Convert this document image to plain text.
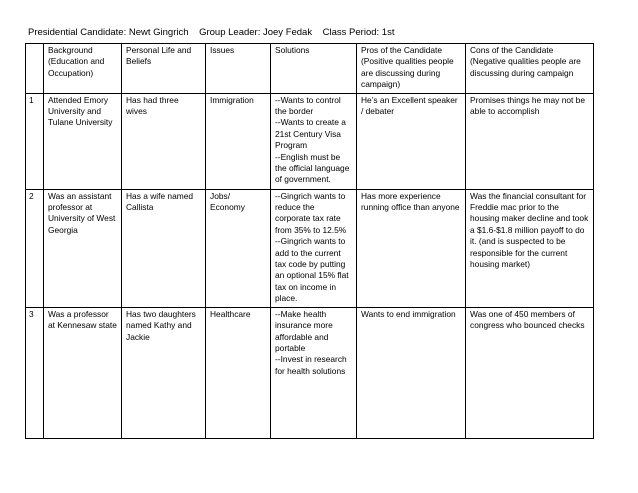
Presidential Candidate: Newt Gingrich    Group Leader: Joey Fedak    Class Period: 1st
	Background (Education and Occupation)	Personal Life and Beliefs	Issues	Solutions	Pros of the Candidate (Positive qualities people are discussing during campaign)	Cons of the Candidate (Negative qualities people are discussing during campaign
1	Attended Emory University and Tulane University	Has had three wives	Immigration	--Wants to control the border
--Wants to create a 21st Century Visa Program
--English must be the official language of government.	He’s an Excellent speaker / debater	Promises things he may not be able to accomplish
2	Was an assistant professor at University of West Georgia	Has a wife named Callista	Jobs/ Economy	--Gingrich wants to reduce the corporate tax rate from 35% to 12.5%
--Gingrich wants to add to the current tax code by putting an optional 15% flat tax on income in place.	Has more experience running office than anyone	Was the financial consultant for Freddie mac prior to the housing maker decline and took a $1.6-$1.8 million payoff to do it. (and is suspected to be responsible for the current housing market)
3	Was a professor at Kennesaw state	Has two daughters named Kathy and Jackie	Healthcare	--Make health insurance more affordable and portable
--Invest in research for health solutions	Wants to end immigration	Was one of 450 members of congress who bounced checks
